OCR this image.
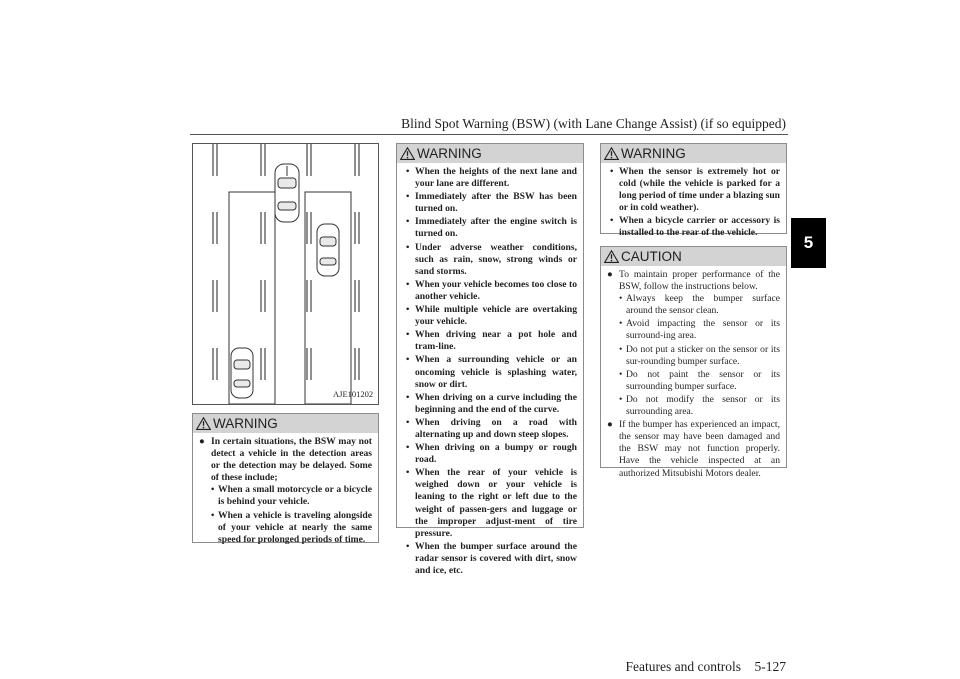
Blind Spot Warning (BSW) (with Lane Change Assist) (if so equipped)
5
AJE101202
WARNING
● In certain situations, the BSW may not detect a vehicle in the detection areas or the detection may be delayed. Some of these include;
• When a small motorcycle or a bicycle is behind your vehicle.
• When a vehicle is traveling alongside of your vehicle at nearly the same speed for prolonged periods of time.
WARNING
• When the heights of the next lane and your lane are different.
• Immediately after the BSW has been turned on.
• Immediately after the engine switch is turned on.
• Under adverse weather conditions, such as rain, snow, strong winds or sand storms.
• When your vehicle becomes too close to another vehicle.
• While multiple vehicle are overtaking your vehicle.
• When driving near a pot hole and tram-line.
• When a surrounding vehicle or an oncoming vehicle is splashing water, snow or dirt.
• When driving on a curve including the beginning and the end of the curve.
• When driving on a road with alternating up and down steep slopes.
• When driving on a bumpy or rough road.
• When the rear of your vehicle is weighed down or your vehicle is leaning to the right or left due to the weight of passen-gers and luggage or the improper adjust-ment of tire pressure.
• When the bumper surface around the radar sensor is covered with dirt, snow and ice, etc.
WARNING
• When the sensor is extremely hot or cold (while the vehicle is parked for a long period of time under a blazing sun or in cold weather).
• When a bicycle carrier or accessory is installed to the rear of the vehicle.
CAUTION
● To maintain proper performance of the BSW, follow the instructions below.
• Always keep the bumper surface around the sensor clean.
• Avoid impacting the sensor or its surround-ing area.
• Do not put a sticker on the sensor or its sur-rounding bumper surface.
• Do not paint the sensor or its surrounding bumper surface.
• Do not modify the sensor or its surrounding area.
● If the bumper has experienced an impact, the sensor may have been damaged and the BSW may not function properly. Have the vehicle inspected at an authorized Mitsubishi Motors dealer.
Features and controls 5-127
